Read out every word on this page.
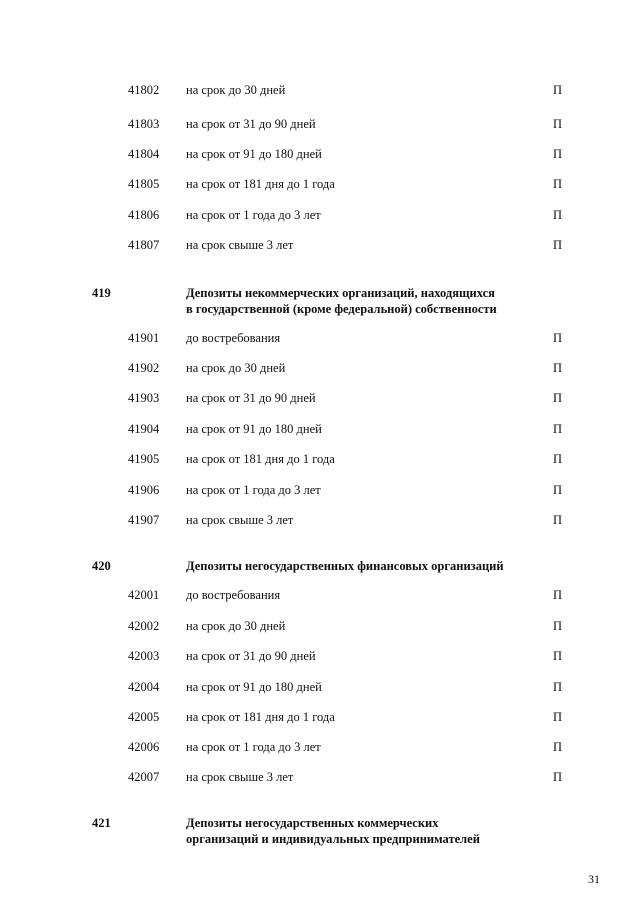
41802 на срок до 30 дней	П
41803 на срок от 31 до 90 дней	П
41804 на срок от 91 до 180 дней	П
41805 на срок от 181 дня до 1 года	П
41806 на срок от 1 года до 3 лет	П
41807 на срок свыше 3 лет	П
419	Депозиты некоммерческих организаций, находящихся
в государственной (кроме федеральной) собственности
41901 до востребования	П
41902 на срок до 30 дней	П
41903 на срок от 31 до 90 дней	П
41904 на срок от 91 до 180 дней	П
41905 на срок от 181 дня до 1 года	П
41906 на срок от 1 года до 3 лет	П
41907 на срок свыше 3 лет	П
420	Депозиты негосударственных финансовых организаций
42001 до востребования	П
42002 на срок до 30 дней	П
42003 на срок от 31 до 90 дней	П
42004 на срок от 91 до 180 дней	П
42005 на срок от 181 дня до 1 года	П
42006 на срок от 1 года до 3 лет	П
42007 на срок свыше 3 лет	П
421	Депозиты негосударственных коммерческих
организаций и индивидуальных предпринимателей
31
